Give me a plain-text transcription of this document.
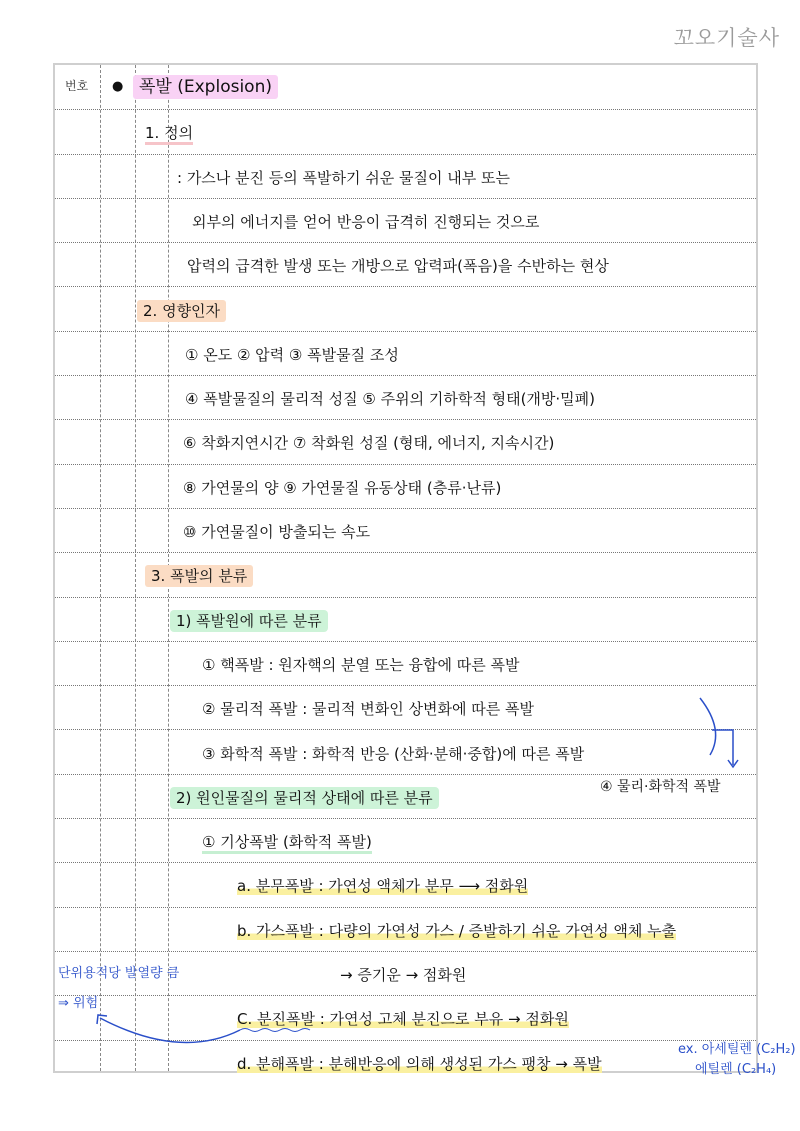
꼬오기술사
번호 ● 폭발 (Explosion)
1. 정의
: 가스나 분진 등의 폭발하기 쉬운 물질이 내부 또는
외부의 에너지를 얻어 반응이 급격히 진행되는 것으로
압력의 급격한 발생 또는 개방으로 압력파(폭음)을 수반하는 현상
2. 영향인자
① 온도 ② 압력 ③ 폭발물질 조성
④ 폭발물질의 물리적 성질 ⑤ 주위의 기하학적 형태(개방·밀폐)
⑥ 착화지연시간 ⑦ 착화원 성질 (형태, 에너지, 지속시간)
⑧ 가연물의 양 ⑨ 가연물질 유동상태 (층류·난류)
⑩ 가연물질이 방출되는 속도
3. 폭발의 분류
1) 폭발원에 따른 분류
① 핵폭발 : 원자핵의 분열 또는 융합에 따른 폭발
② 물리적 폭발 : 물리적 변화인 상변화에 따른 폭발
③ 화학적 폭발 : 화학적 반응 (산화·분해·중합)에 따른 폭발
2) 원인물질의 물리적 상태에 따른 분류
① 기상폭발 (화학적 폭발)
a. 분무폭발 : 가연성 액체가 분무 ⟶ 점화원
b. 가스폭발 : 다량의 가연성 가스 / 증발하기 쉬운 가연성 액체 누출
→ 증기운 → 점화원
C. 분진폭발 : 가연성 고체 분진으로 부유 → 점화원
d. 분해폭발 : 분해반응에 의해 생성된 가스 팽창 → 폭발
④ 물리·화학적 폭발
단위용적당 발열량 큼
⇒ 위험
ex. 아세틸렌 (C₂H₂)
에틸렌 (C₂H₄)
